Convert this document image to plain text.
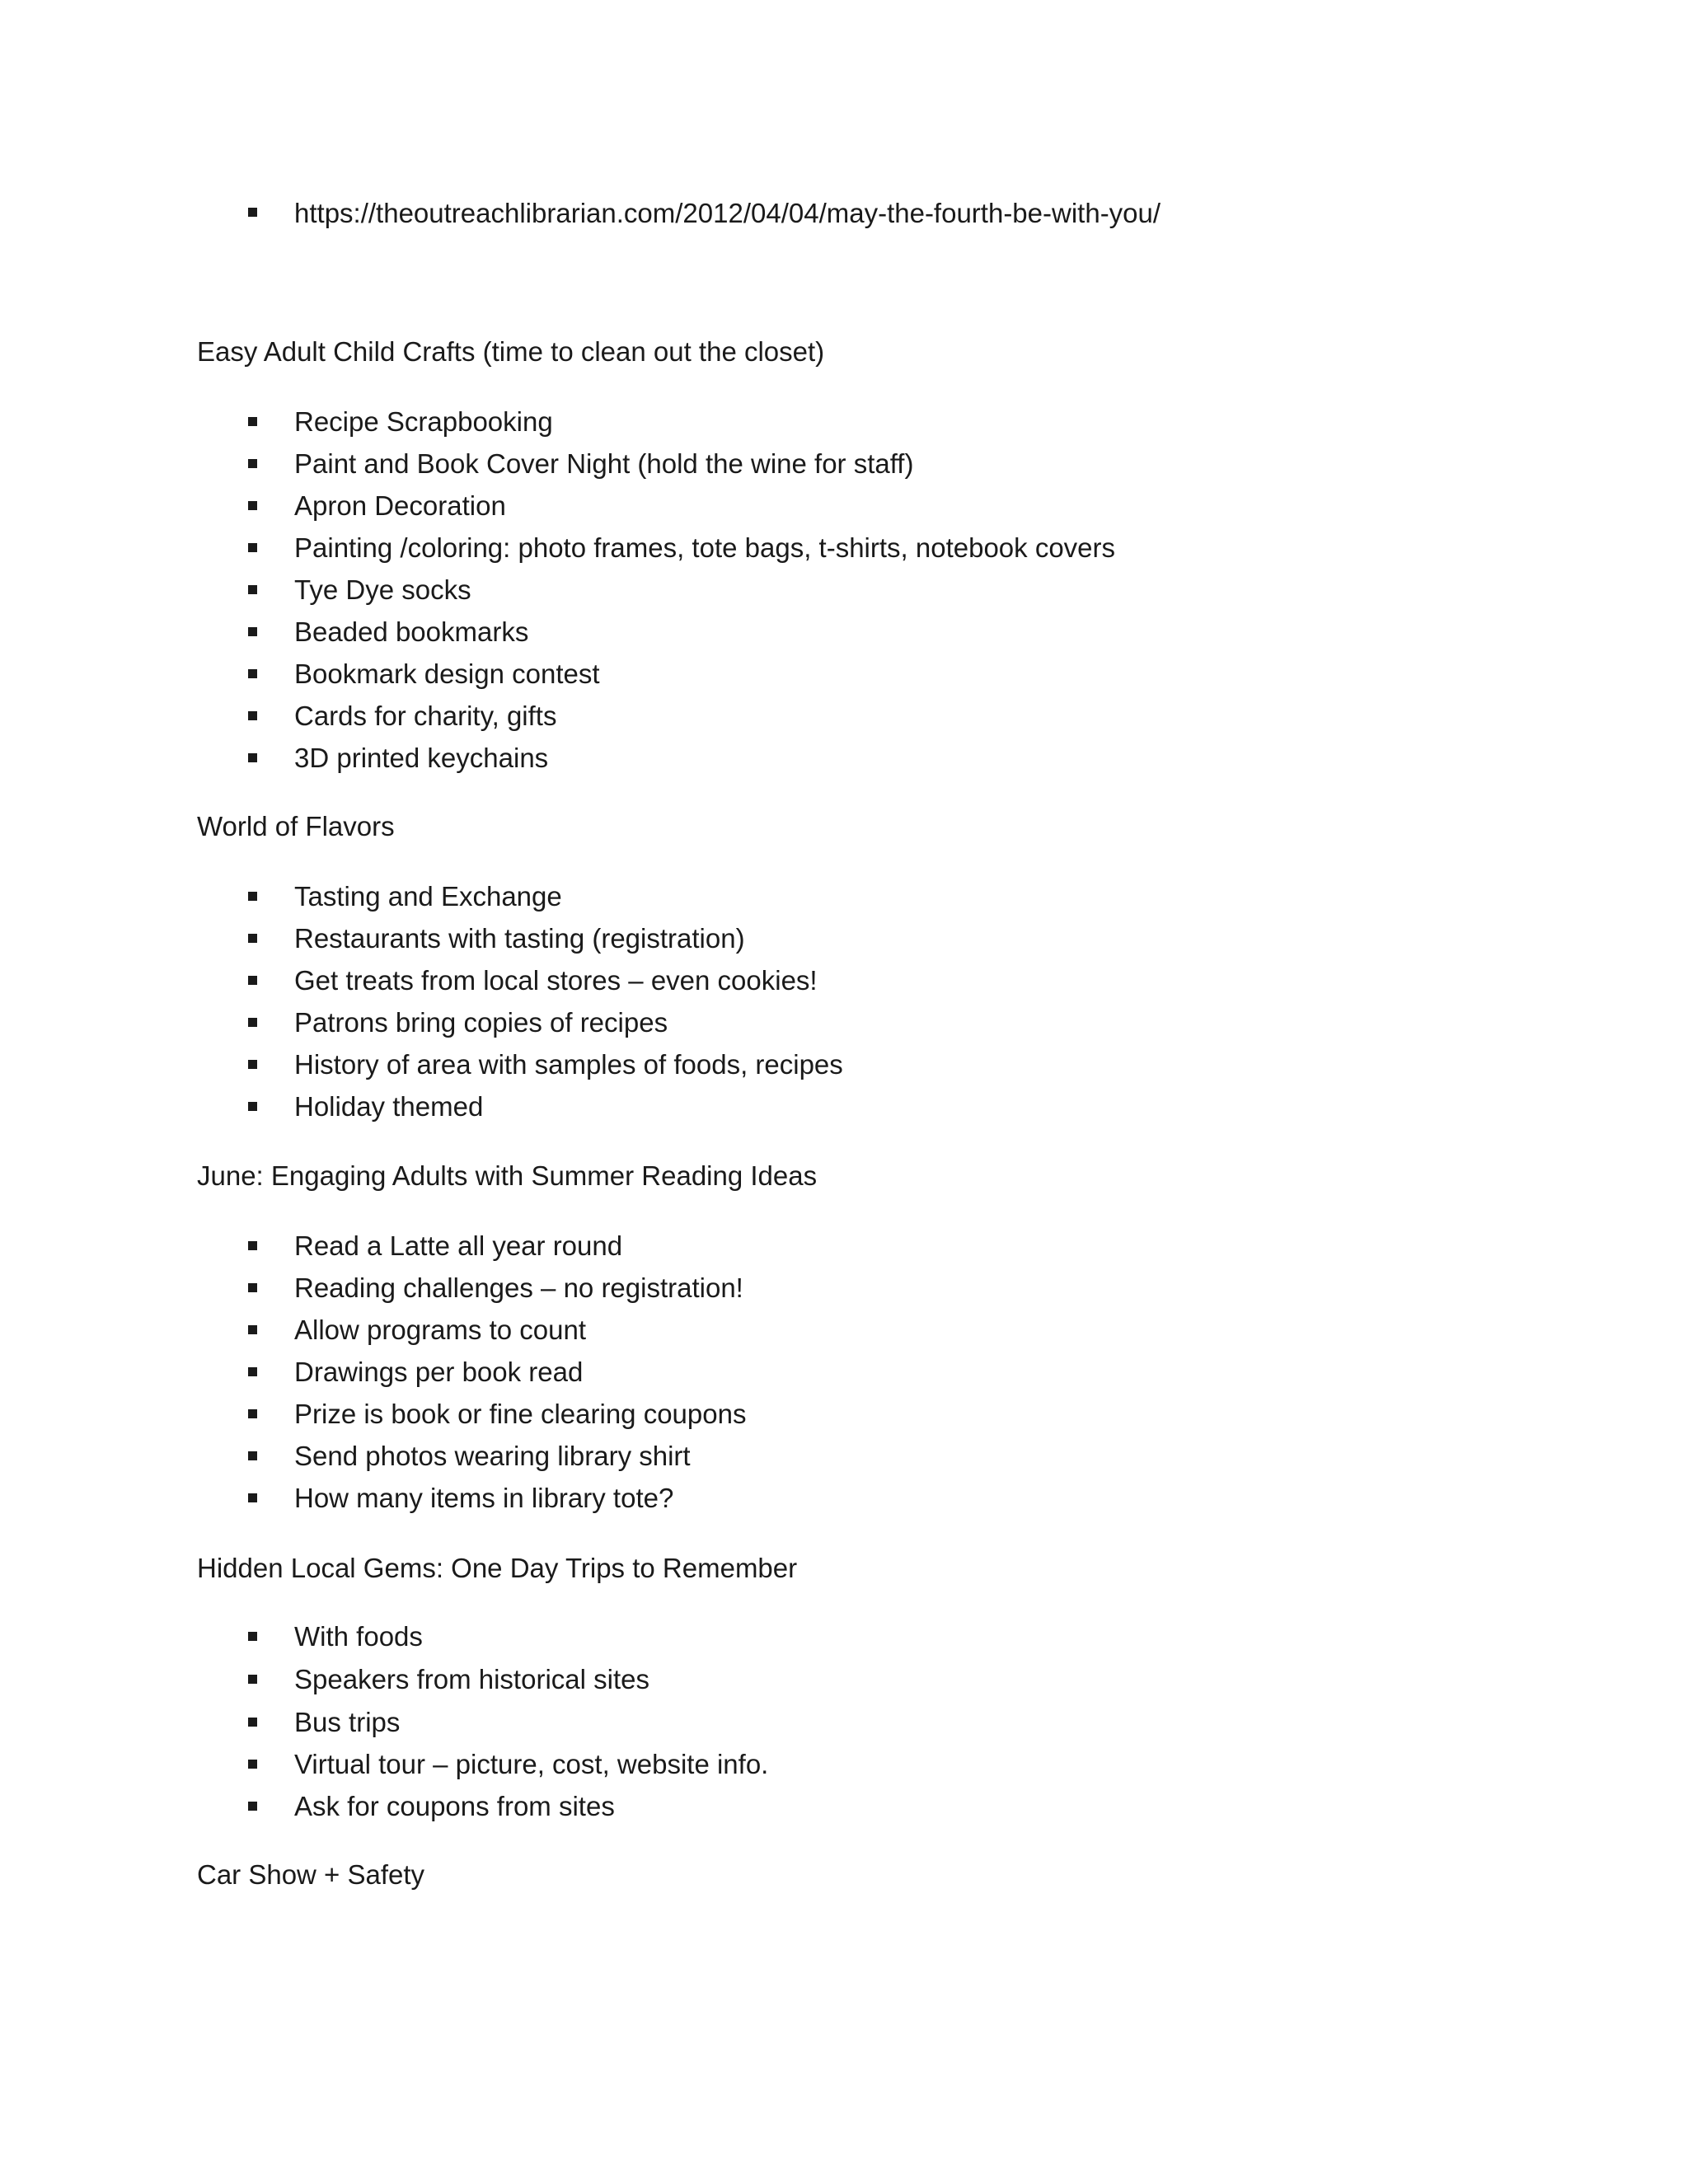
https://theoutreachlibrarian.com/2012/04/04/may-the-fourth-be-with-you/
Easy Adult Child Crafts (time to clean out the closet)
Recipe Scrapbooking
Paint and Book Cover Night (hold the wine for staff)
Apron Decoration
Painting /coloring: photo frames, tote bags, t-shirts, notebook covers
Tye Dye socks
Beaded bookmarks
Bookmark design contest
Cards for charity, gifts
3D printed keychains
World of Flavors
Tasting and Exchange
Restaurants with tasting (registration)
Get treats from local stores – even cookies!
Patrons bring copies of recipes
History of area with samples of foods, recipes
Holiday themed
June: Engaging Adults with Summer Reading Ideas
Read a Latte all year round
Reading challenges – no registration!
Allow programs to count
Drawings per book read
Prize is book or fine clearing coupons
Send photos wearing library shirt
How many items in library tote?
Hidden Local Gems: One Day Trips to Remember
With foods
Speakers from historical sites
Bus trips
Virtual tour – picture, cost, website info.
Ask for coupons from sites
Car Show + Safety
